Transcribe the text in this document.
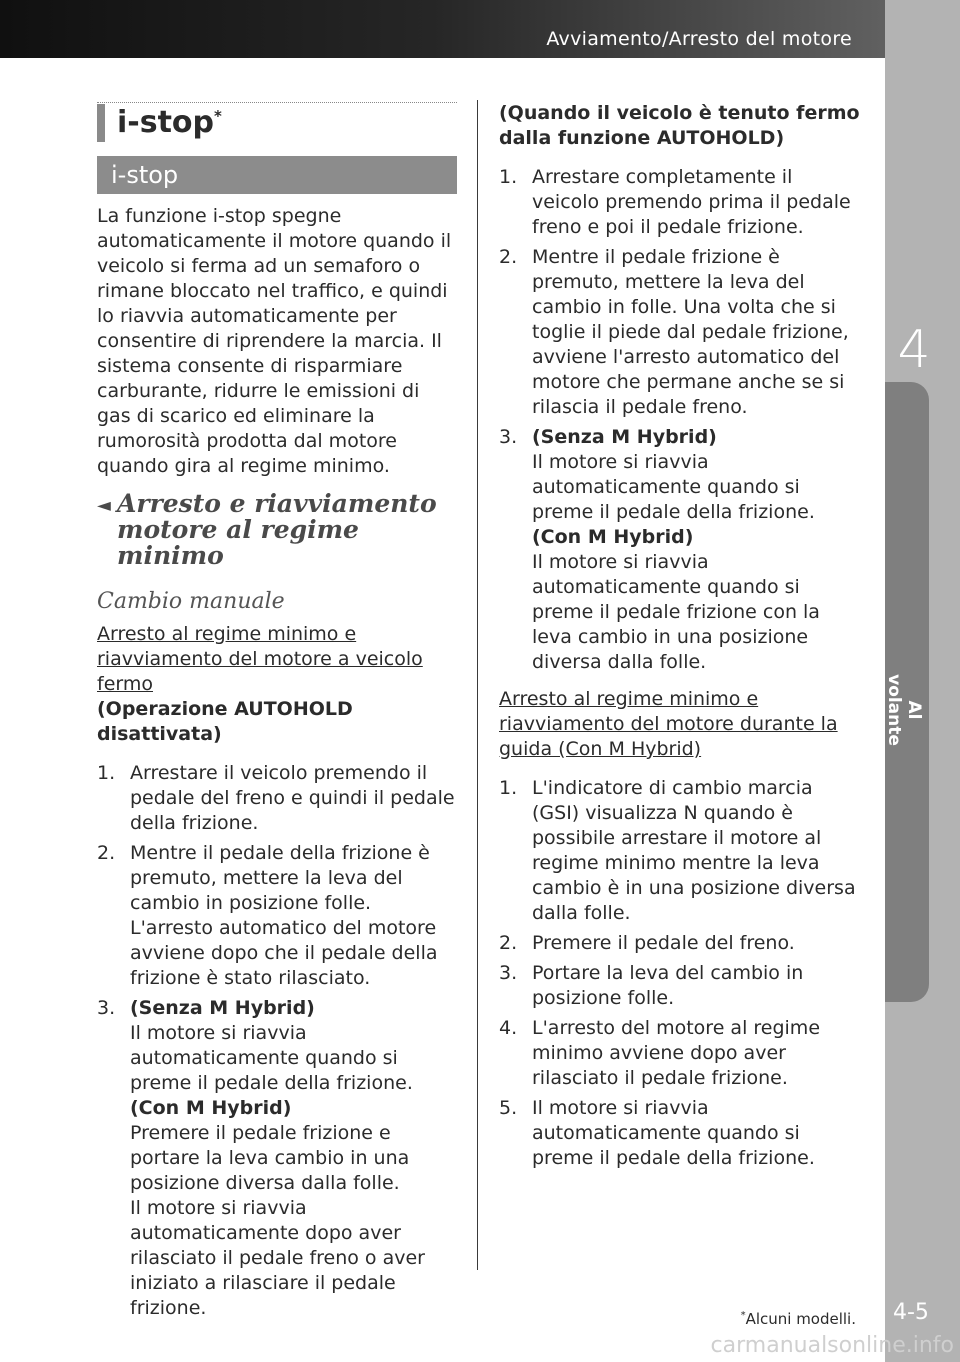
Avviamento/Arresto del motore
4
Al volante
4-5
i-stop*
i-stop
La funzione i-stop spegne automaticamente il motore quando il veicolo si ferma ad un semaforo o rimane bloccato nel traffico, e quindi lo riavvia automaticamente per consentire di riprendere la marcia. Il sistema consente di risparmiare carburante, ridurre le emissioni di gas di scarico ed eliminare la rumorosità prodotta dal motore quando gira al regime minimo.
◄ Arresto e riavviamento motore al regime minimo
Cambio manuale
Arresto al regime minimo e riavviamento del motore a veicolo fermo
(Operazione AUTOHOLD disattivata)
1. Arrestare il veicolo premendo il pedale del freno e quindi il pedale della frizione.
2. Mentre il pedale della frizione è premuto, mettere la leva del cambio in posizione folle. L'arresto automatico del motore avviene dopo che il pedale della frizione è stato rilasciato.
3. (Senza M Hybrid)
Il motore si riavvia automaticamente quando si preme il pedale della frizione.
(Con M Hybrid)
Premere il pedale frizione e portare la leva cambio in una posizione diversa dalla folle.
Il motore si riavvia automaticamente dopo aver rilasciato il pedale freno o aver iniziato a rilasciare il pedale frizione.
(Quando il veicolo è tenuto fermo dalla funzione AUTOHOLD)
1. Arrestare completamente il veicolo premendo prima il pedale freno e poi il pedale frizione.
2. Mentre il pedale frizione è premuto, mettere la leva del cambio in folle. Una volta che si toglie il piede dal pedale frizione, avviene l'arresto automatico del motore che permane anche se si rilascia il pedale freno.
3. (Senza M Hybrid)
Il motore si riavvia automaticamente quando si preme il pedale della frizione.
(Con M Hybrid)
Il motore si riavvia automaticamente quando si preme il pedale frizione con la leva cambio in una posizione diversa dalla folle.
Arresto al regime minimo e riavviamento del motore durante la guida (Con M Hybrid)
1. L'indicatore di cambio marcia (GSI) visualizza N quando è possibile arrestare il motore al regime minimo mentre la leva cambio è in una posizione diversa dalla folle.
2. Premere il pedale del freno.
3. Portare la leva del cambio in posizione folle.
4. L'arresto del motore al regime minimo avviene dopo aver rilasciato il pedale frizione.
5. Il motore si riavvia automaticamente quando si preme il pedale della frizione.
*Alcuni modelli.
carmanualsonline.info
